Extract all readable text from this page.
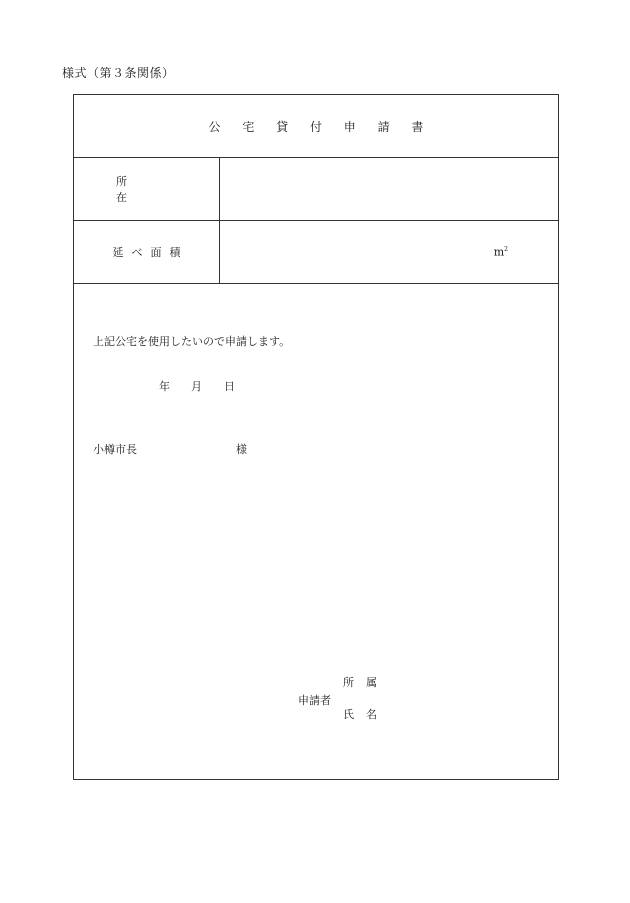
様式（第３条関係）
公 宅 貸 付 申 請 書
所在
延べ面積	$m^2$
上記公宅を使用したいので申請します。
年 月 日
小樽市長	様
所属
申請者
氏名
